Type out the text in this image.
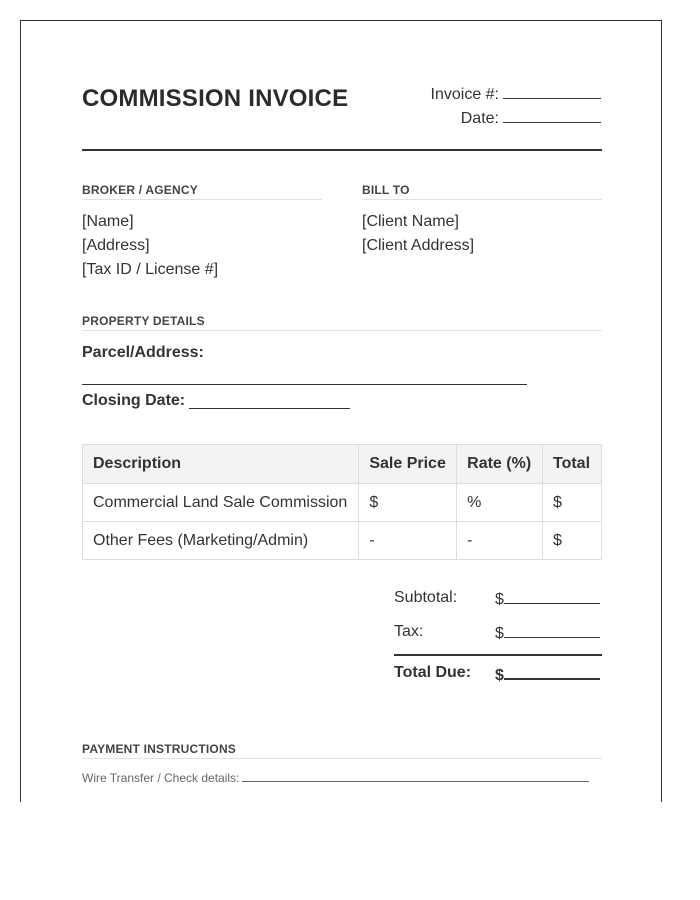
COMMISSION INVOICE	Invoice #:
Date:
BROKER / AGENCY
[Name]
[Address]
[Tax ID / License #]
BILL TO
[Client Name]
[Client Address]
PROPERTY DETAILS
Parcel/Address:
Closing Date:
Description	Sale Price	Rate (%)	Total
Commercial Land Sale Commission	$	%	$
Other Fees (Marketing/Admin)	-	-	$
Subtotal: $
Tax:	$
Total Due: $
PAYMENT INSTRUCTIONS
Wire Transfer / Check details:
